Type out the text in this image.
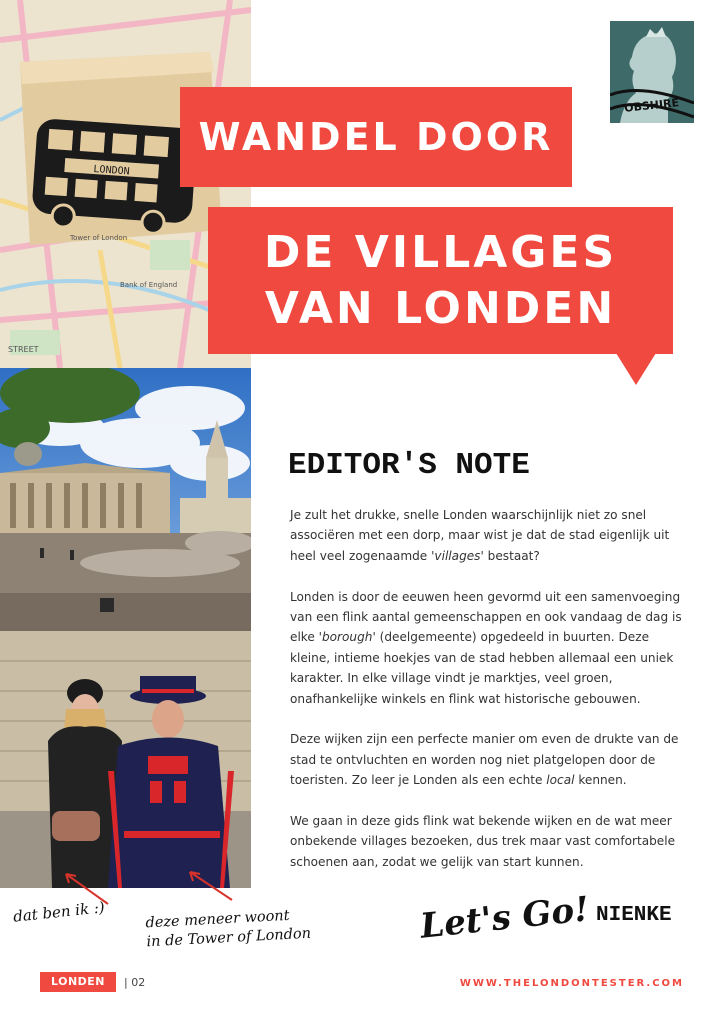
LONDON
Bank of England
STREET
Tower of London
OBSHIRE
WANDEL DOOR
DE VILLAGES
VAN LONDEN
EDITOR'S NOTE

Je zult het drukke, snelle Londen waarschijnlijk niet zo snel associëren met een dorp, maar wist je dat de stad eigenlijk uit heel veel zogenaamde 'villages' bestaat?

Londen is door de eeuwen heen gevormd uit een samenvoeging van een flink aantal gemeenschappen en ook vandaag de dag is elke 'borough' (deelgemeente) opgedeeld in buurten. Deze kleine, intieme hoekjes van de stad hebben allemaal een uniek karakter. In elke village vindt je marktjes, veel groen, onafhankelijke winkels en flink wat historische gebouwen.

Deze wijken zijn een perfecte manier om even de drukte van de stad te ontvluchten en worden nog niet platgelopen door de toeristen. Zo leer je Londen als een echte local kennen.

We gaan in deze gids flink wat bekende wijken en de wat meer onbekende villages bezoeken, dus trek maar vast comfortabele schoenen aan, zodat we gelijk van start kunnen.

dat ben ik :)	deze meneer woont
in de Tower of London	Let's Go! NIENKE
LONDEN	| 02	WWW.THELONDONTESTER.COM
